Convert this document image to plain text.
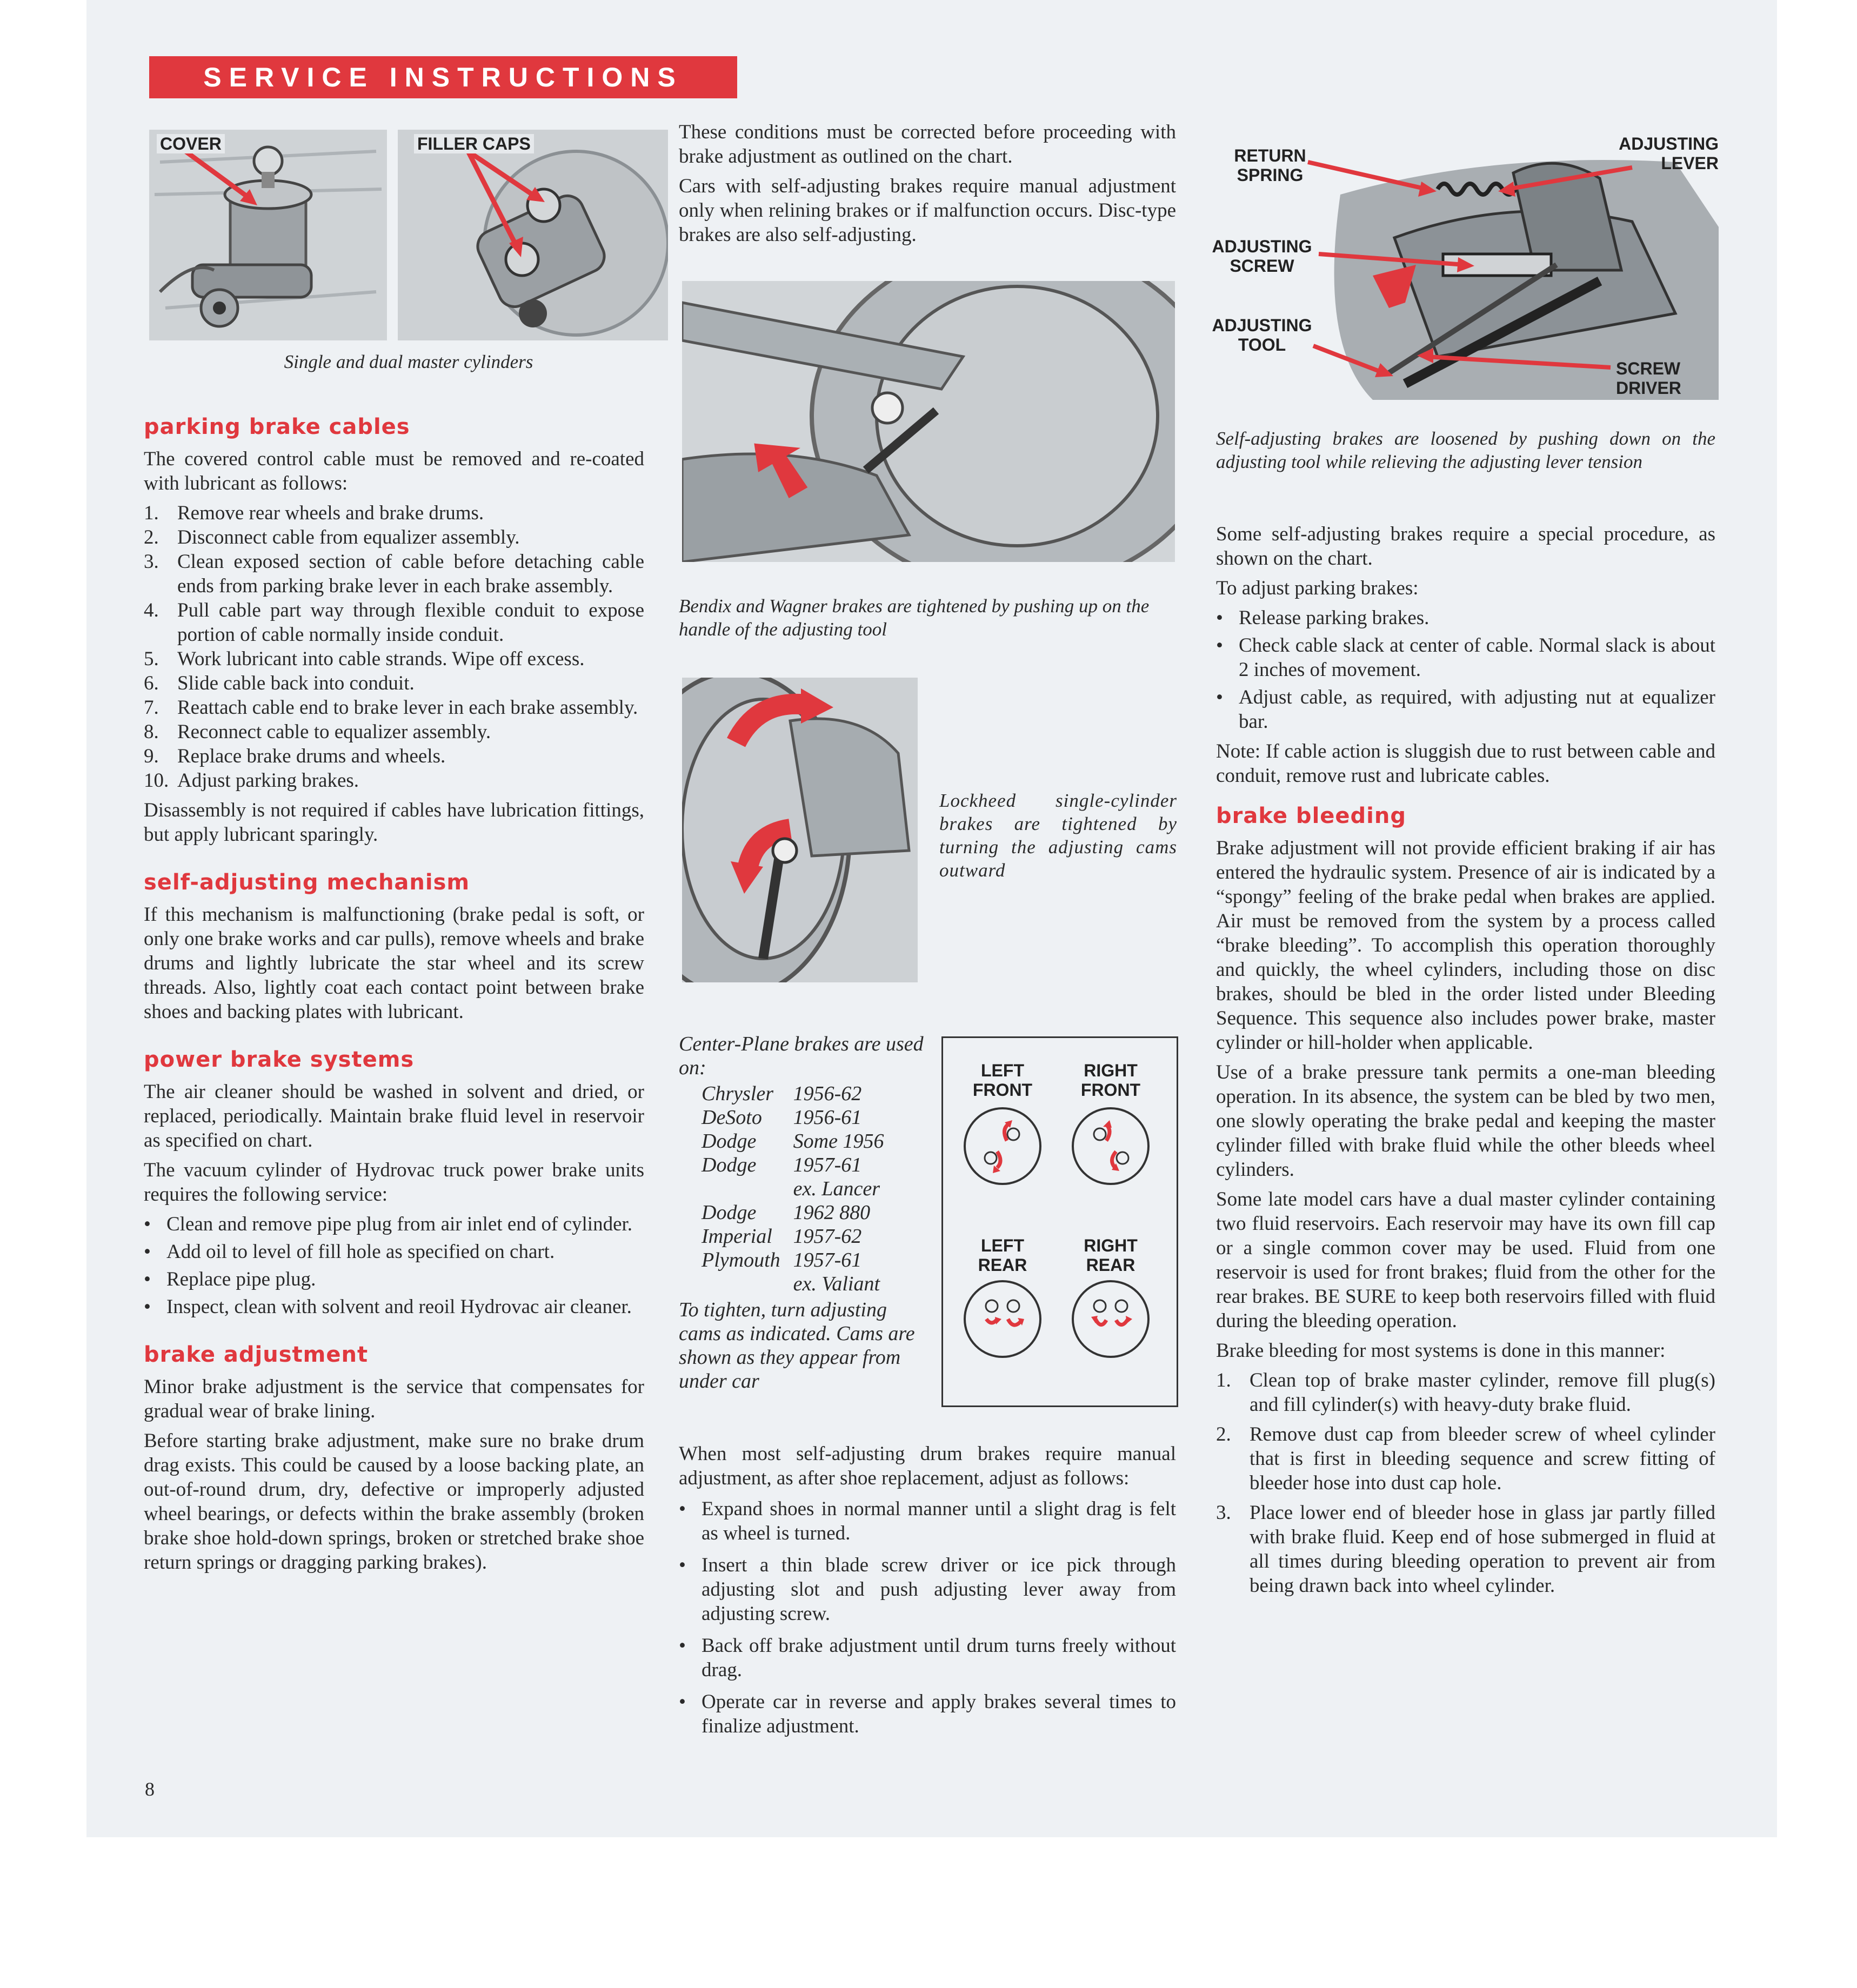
SERVICE INSTRUCTIONS
COVER	FILLER CAPS
Single and dual master cylinders
parking brake cables

The covered control cable must be removed and re-coated with lubricant as follows:

1. Remove rear wheels and brake drums.
2. Disconnect cable from equalizer assembly.
3. Clean exposed section of cable before detaching cable ends from parking brake lever in each brake assembly.
4. Pull cable part way through flexible conduit to expose portion of cable normally inside conduit.
5. Work lubricant into cable strands. Wipe off excess.
6. Slide cable back into conduit.
7. Reattach cable end to brake lever in each brake assembly.
8. Reconnect cable to equalizer assembly.
9. Replace brake drums and wheels.
10. Adjust parking brakes.

Disassembly is not required if cables have lubrication fittings, but apply lubricant sparingly.

self-adjusting mechanism

If this mechanism is malfunctioning (brake pedal is soft, or only one brake works and car pulls), remove wheels and brake drums and lightly lubricate the star wheel and its screw threads. Also, lightly coat each contact point between brake shoes and backing plates with lubricant.

power brake systems

The air cleaner should be washed in solvent and dried, or replaced, periodically. Maintain brake fluid level in reservoir as specified on chart.

The vacuum cylinder of Hydrovac truck power brake units requires the following service:

• Clean and remove pipe plug from air inlet end of cylinder.
• Add oil to level of fill hole as specified on chart.
• Replace pipe plug.
• Inspect, clean with solvent and reoil Hydrovac air cleaner.
brake adjustment

Minor brake adjustment is the service that compensates for gradual wear of brake lining.

Before starting brake adjustment, make sure no brake drum drag exists. This could be caused by a loose backing plate, an out-of-round drum, dry, defective or improperly adjusted wheel bearings, or defects within the brake assembly (broken brake shoe hold-down springs, broken or stretched brake shoe return springs or dragging parking brakes).

8

These conditions must be corrected before proceeding with brake adjustment as outlined on the chart.

Cars with self-adjusting brakes require manual adjustment only when relining brakes or if malfunction occurs. Disc-type brakes are also self-adjusting.

Bendix and Wagner brakes are tightened by pushing up on the handle of the adjusting tool
Lockheed single-cylinder brakes are tightened by turning the adjusting cams outward
Center-Plane brakes are used on:
Chrysler	1956-62
DeSoto	1956-61
Dodge	Some 1956
Dodge	1957-61
	ex. Lancer
Dodge	1962 880
Imperial	1957-62
Plymouth	1957-61
	ex. Valiant
To tighten, turn adjusting cams as indicated. Cams are shown as they appear from under car
LEFT FRONT
RIGHT FRONT
LEFT REAR
RIGHT REAR

When most self-adjusting drum brakes require manual adjustment, as after shoe replacement, adjust as follows:

• Expand shoes in normal manner until a slight drag is felt as wheel is turned.
• Insert a thin blade screw driver or ice pick through adjusting slot and push adjusting lever away from adjusting screw.
• Back off brake adjustment until drum turns freely without drag.
• Operate car in reverse and apply brakes several times to finalize adjustment.
RETURN SPRING
ADJUSTING LEVER
ADJUSTING SCREW
ADJUSTING TOOL
SCREW DRIVER
Self-adjusting brakes are loosened by pushing down on the adjusting tool while relieving the adjusting lever tension

Some self-adjusting brakes require a special procedure, as shown on the chart.

To adjust parking brakes:

• Release parking brakes.
• Check cable slack at center of cable. Normal slack is about 2 inches of movement.
• Adjust cable, as required, with adjusting nut at equalizer bar.

Note: If cable action is sluggish due to rust between cable and conduit, remove rust and lubricate cables.

brake bleeding

Brake adjustment will not provide efficient braking if air has entered the hydraulic system. Presence of air is indicated by a “spongy” feeling of the brake pedal when brakes are applied. Air must be removed from the system by a process called “brake bleeding”. To accomplish this operation thoroughly and quickly, the wheel cylinders, including those on disc brakes, should be bled in the order listed under Bleeding Sequence. This sequence also includes power brake, master cylinder or hill-holder when applicable.

Use of a brake pressure tank permits a one-man bleeding operation. In its absence, the system can be bled by two men, one slowly operating the brake pedal and keeping the master cylinder filled with brake fluid while the other bleeds wheel cylinders.

Some late model cars have a dual master cylinder containing two fluid reservoirs. Each reservoir may have its own fill cap or a single common cover may be used. Fluid from one reservoir is used for front brakes; fluid from the other for the rear brakes. BE SURE to keep both reservoirs filled with fluid during the bleeding operation.

Brake bleeding for most systems is done in this manner:

1. Clean top of brake master cylinder, remove fill plug(s) and fill cylinder(s) with heavy-duty brake fluid.
2. Remove dust cap from bleeder screw of wheel cylinder that is first in bleeding sequence and screw fitting of bleeder hose into dust cap hole.
3. Place lower end of bleeder hose in glass jar partly filled with brake fluid. Keep end of hose submerged in fluid at all times during bleeding operation to prevent air from being drawn back into wheel cylinder.
